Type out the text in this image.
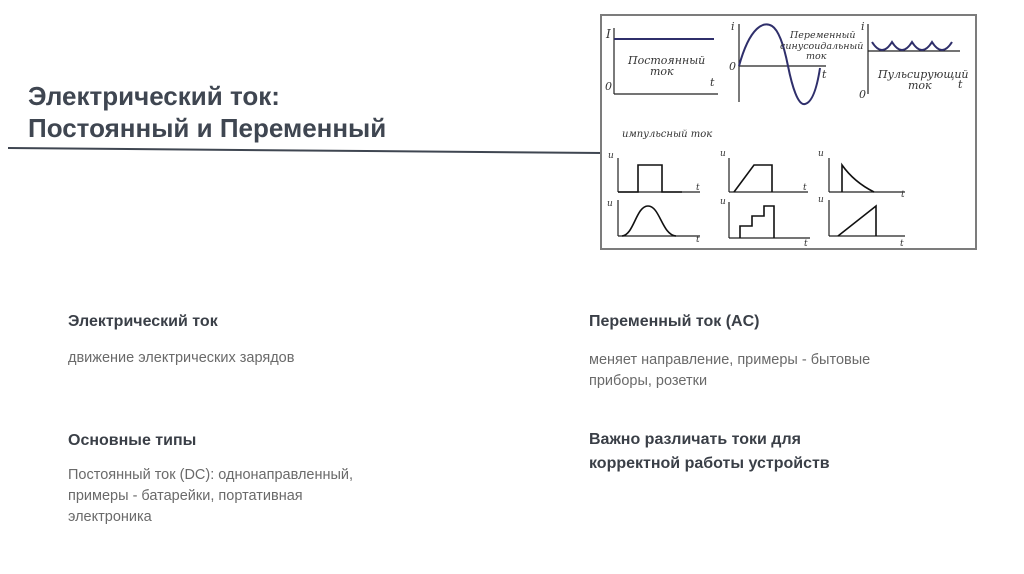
Электрический ток:
Постоянный и Переменный
I
0	t
Постоянный
ток
i
0
t
Переменный
синусоидальный
ток
i
0
t
Пульсирующий
ток
импульсный ток
u
t
u
t
u
t
u
t
u
t
u
t

Электрический ток

движение электрических зарядов

Основные типы

Постоянный ток (DC): однонаправленный,
примеры - батарейки, портативная
электроника

Переменный ток (AC)

меняет направление, примеры - бытовые
приборы, розетки

Важно различать токи для
корректной работы устройств
